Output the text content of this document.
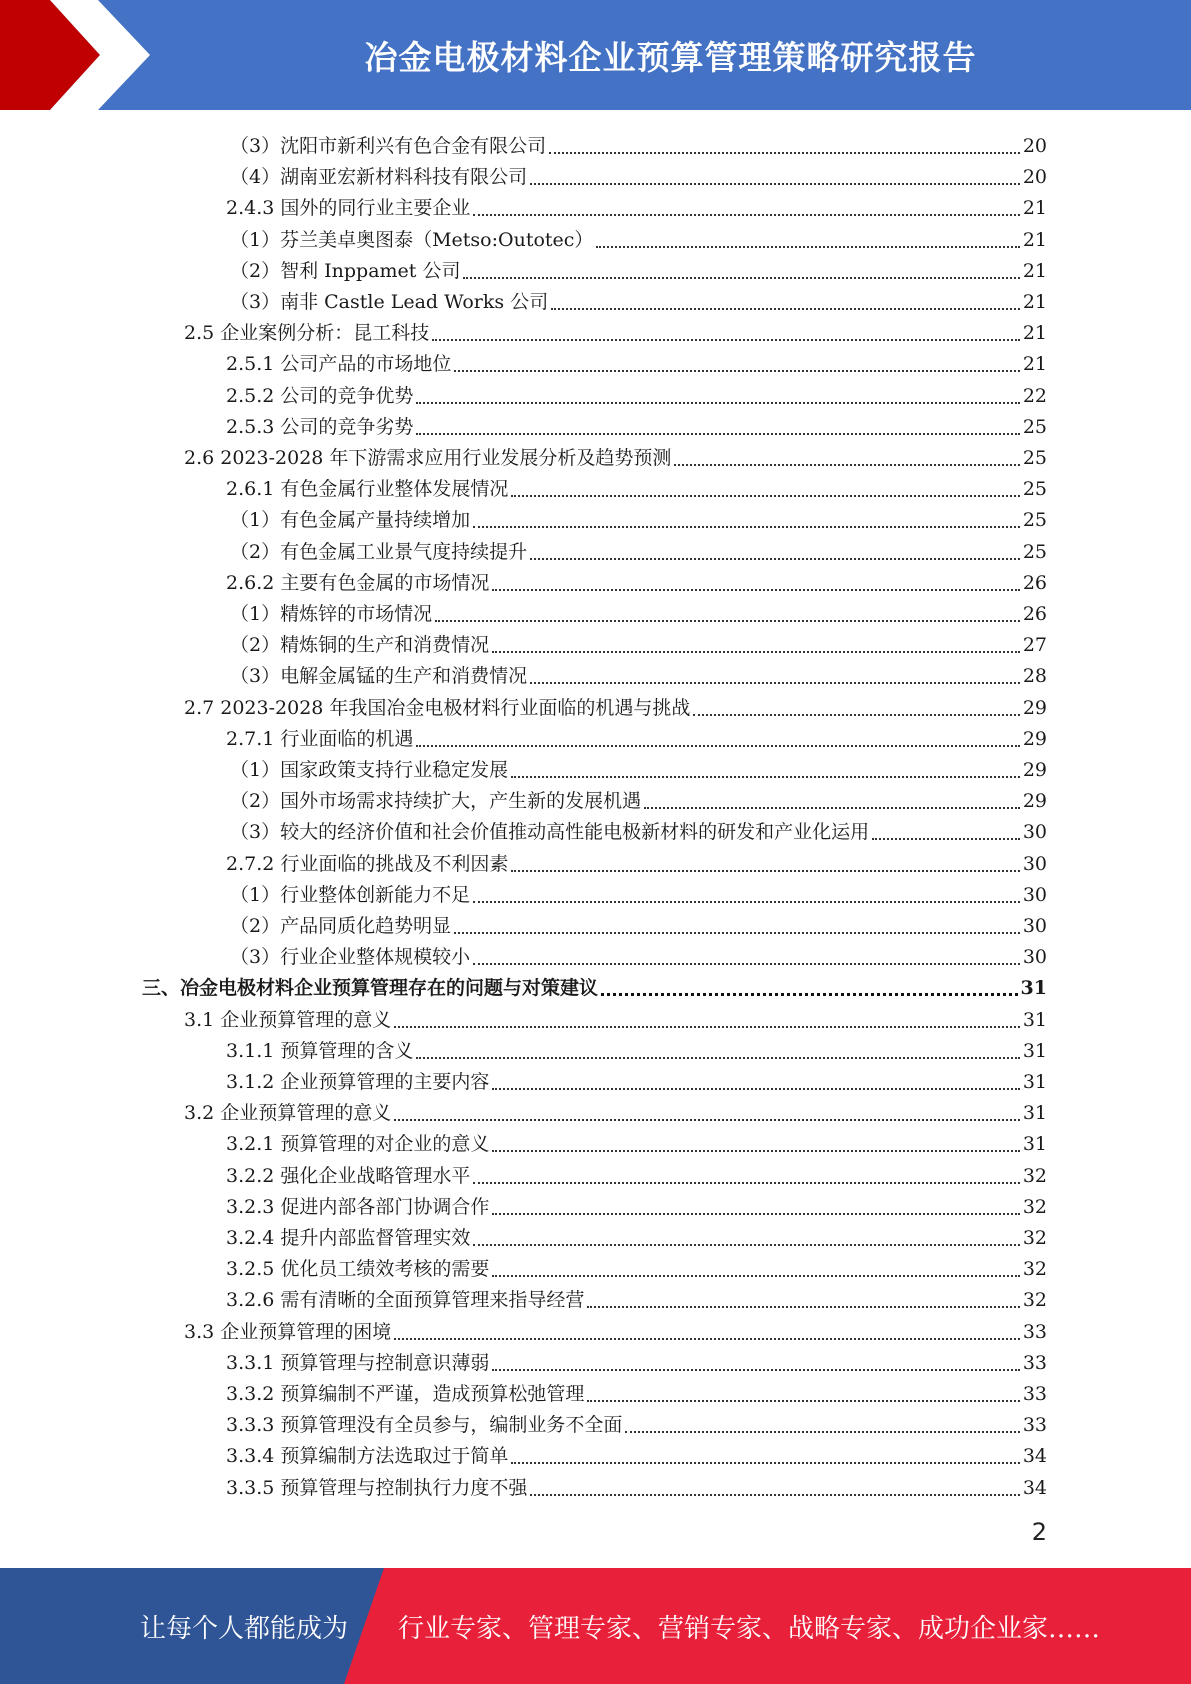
冶金电极材料企业预算管理策略研究报告
（3）沈阳市新利兴有色合金有限公司	20
（4）湖南亚宏新材料科技有限公司	20
2.4.3 国外的同行业主要企业	21
（1）芬兰美卓奥图泰（Metso:Outotec）	21
（2）智利 Inppamet 公司	21
（3）南非 Castle Lead Works 公司	21
2.5 企业案例分析：昆工科技	21
2.5.1 公司产品的市场地位	21
2.5.2 公司的竞争优势	22
2.5.3 公司的竞争劣势	25
2.6 2023-2028 年下游需求应用行业发展分析及趋势预测	25
2.6.1 有色金属行业整体发展情况	25
（1）有色金属产量持续增加	25
（2）有色金属工业景气度持续提升	25
2.6.2 主要有色金属的市场情况	26
（1）精炼锌的市场情况	26
（2）精炼铜的生产和消费情况	27
（3）电解金属锰的生产和消费情况	28
2.7 2023-2028 年我国冶金电极材料行业面临的机遇与挑战	29
2.7.1 行业面临的机遇	29
（1）国家政策支持行业稳定发展	29
（2）国外市场需求持续扩大，产生新的发展机遇	29
（3）较大的经济价值和社会价值推动高性能电极新材料的研发和产业化运用	30
2.7.2 行业面临的挑战及不利因素	30
（1）行业整体创新能力不足	30
（2）产品同质化趋势明显	30
（3）行业企业整体规模较小	30
三、冶金电极材料企业预算管理存在的问题与对策建议	31
3.1 企业预算管理的意义	31
3.1.1 预算管理的含义	31
3.1.2 企业预算管理的主要内容	31
3.2 企业预算管理的意义	31
3.2.1 预算管理的对企业的意义	31
3.2.2 强化企业战略管理水平	32
3.2.3 促进内部各部门协调合作	32
3.2.4 提升内部监督管理实效	32
3.2.5 优化员工绩效考核的需要	32
3.2.6 需有清晰的全面预算管理来指导经营	32
3.3 企业预算管理的困境	33
3.3.1 预算管理与控制意识薄弱	33
3.3.2 预算编制不严谨，造成预算松弛管理	33
3.3.3 预算管理没有全员参与，编制业务不全面	33
3.3.4 预算编制方法选取过于简单	34
3.3.5 预算管理与控制执行力度不强	34
2
让每个人都能成为 行业专家、管理专家、营销专家、战略专家、成功企业家……
